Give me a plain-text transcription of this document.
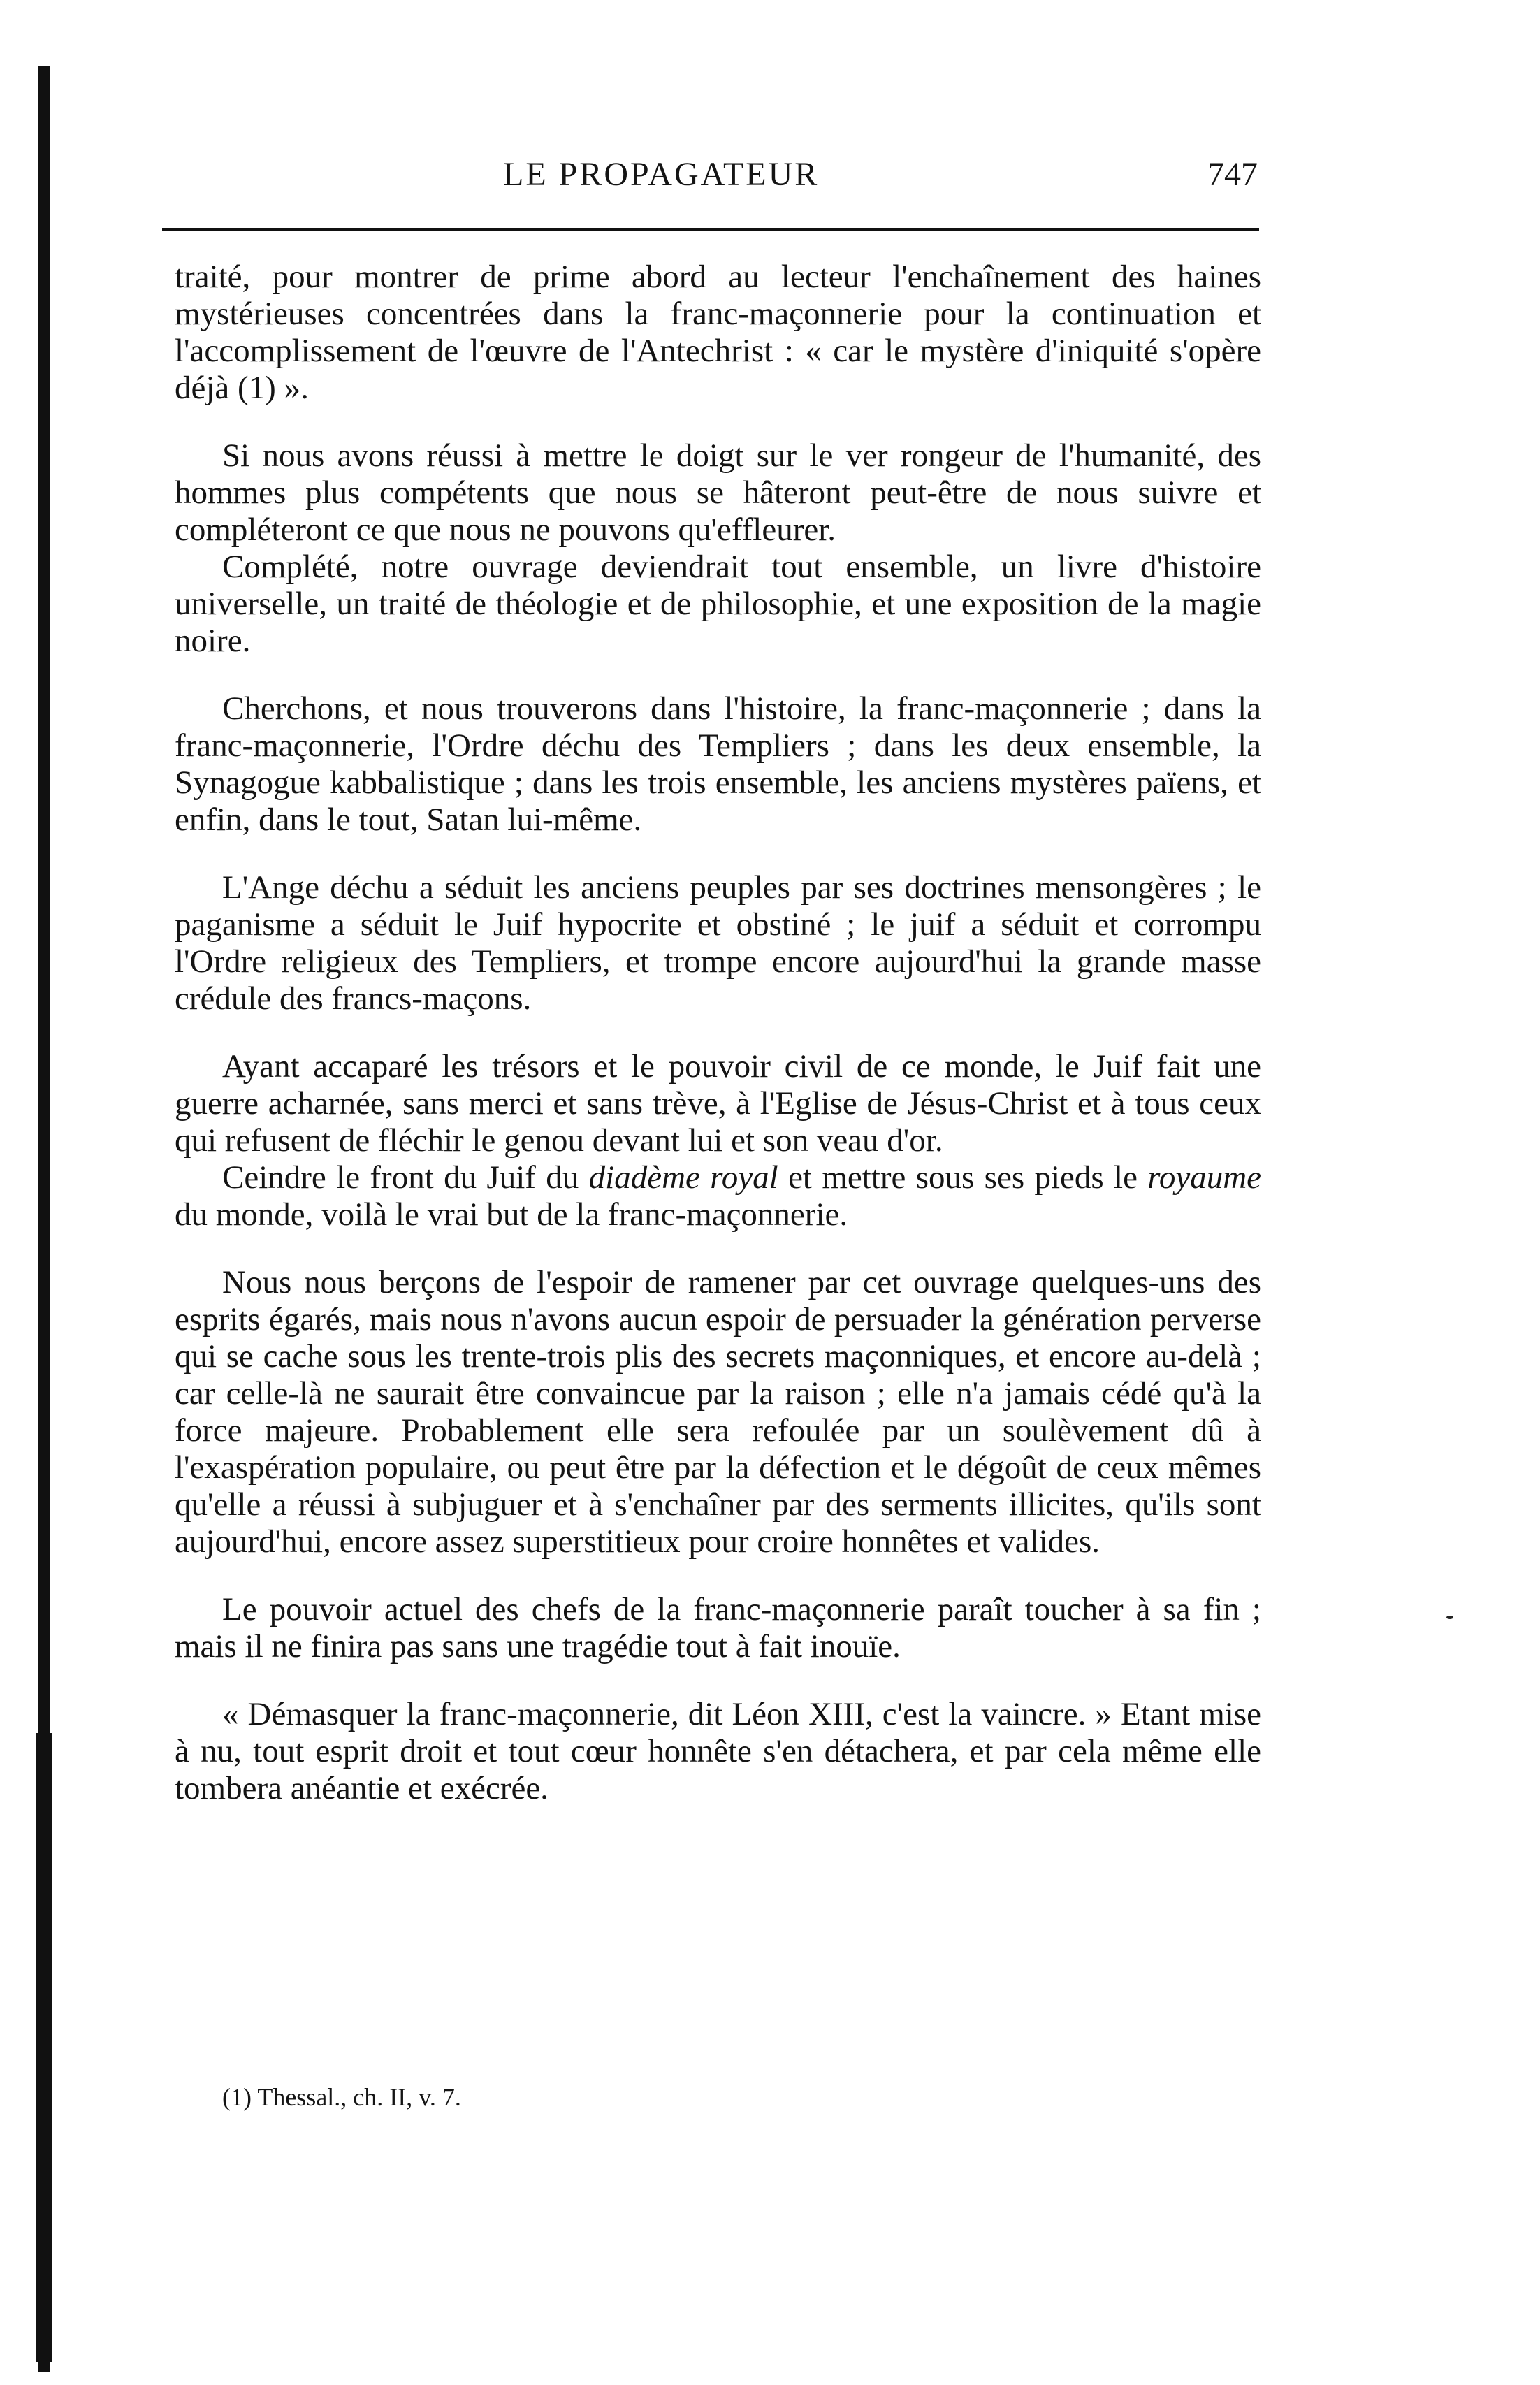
LE PROPAGATEUR	747

traité, pour montrer de prime abord au lecteur l'enchaînement des haines mystérieuses concentrées dans la franc-maçonnerie pour la continuation et l'accomplissement de l'œuvre de l'Antechrist : « car le mystère d'iniquité s'opère déjà (1) ».

Si nous avons réussi à mettre le doigt sur le ver rongeur de l'humanité, des hommes plus compétents que nous se hâteront peut-être de nous suivre et compléteront ce que nous ne pouvons qu'effleurer.

Complété, notre ouvrage deviendrait tout ensemble, un livre d'histoire universelle, un traité de théologie et de philosophie, et une exposition de la magie noire.

Cherchons, et nous trouverons dans l'histoire, la franc-maçonnerie ; dans la franc-maçonnerie, l'Ordre déchu des Templiers ; dans les deux ensemble, la Synagogue kabbalistique ; dans les trois ensemble, les anciens mystères païens, et enfin, dans le tout, Satan lui-même.

L'Ange déchu a séduit les anciens peuples par ses doctrines mensongères ; le paganisme a séduit le Juif hypocrite et obstiné ; le juif a séduit et corrompu l'Ordre religieux des Templiers, et trompe encore aujourd'hui la grande masse crédule des francs-maçons.

Ayant accaparé les trésors et le pouvoir civil de ce monde, le Juif fait une guerre acharnée, sans merci et sans trève, à l'Eglise de Jésus-Christ et à tous ceux qui refusent de fléchir le genou devant lui et son veau d'or.

Ceindre le front du Juif du diadème royal et mettre sous ses pieds le royaume du monde, voilà le vrai but de la franc-maçonnerie.

Nous nous berçons de l'espoir de ramener par cet ouvrage quelques-uns des esprits égarés, mais nous n'avons aucun espoir de persuader la génération perverse qui se cache sous les trente-trois plis des secrets maçonniques, et encore au-delà ; car celle-là ne saurait être convaincue par la raison ; elle n'a jamais cédé qu'à la force majeure. Probablement elle sera refoulée par un soulèvement dû à l'exaspération populaire, ou peut être par la défection et le dégoût de ceux mêmes qu'elle a réussi à subjuguer et à s'enchaîner par des serments illicites, qu'ils sont aujourd'hui, encore assez superstitieux pour croire honnêtes et valides.

Le pouvoir actuel des chefs de la franc-maçonnerie paraît toucher à sa fin ; mais il ne finira pas sans une tragédie tout à fait inouïe.

« Démasquer la franc-maçonnerie, dit Léon XIII, c'est la vaincre. » Etant mise à nu, tout esprit droit et tout cœur honnête s'en détachera, et par cela même elle tombera anéantie et exécrée.

(1) Thessal., ch. II, v. 7.
